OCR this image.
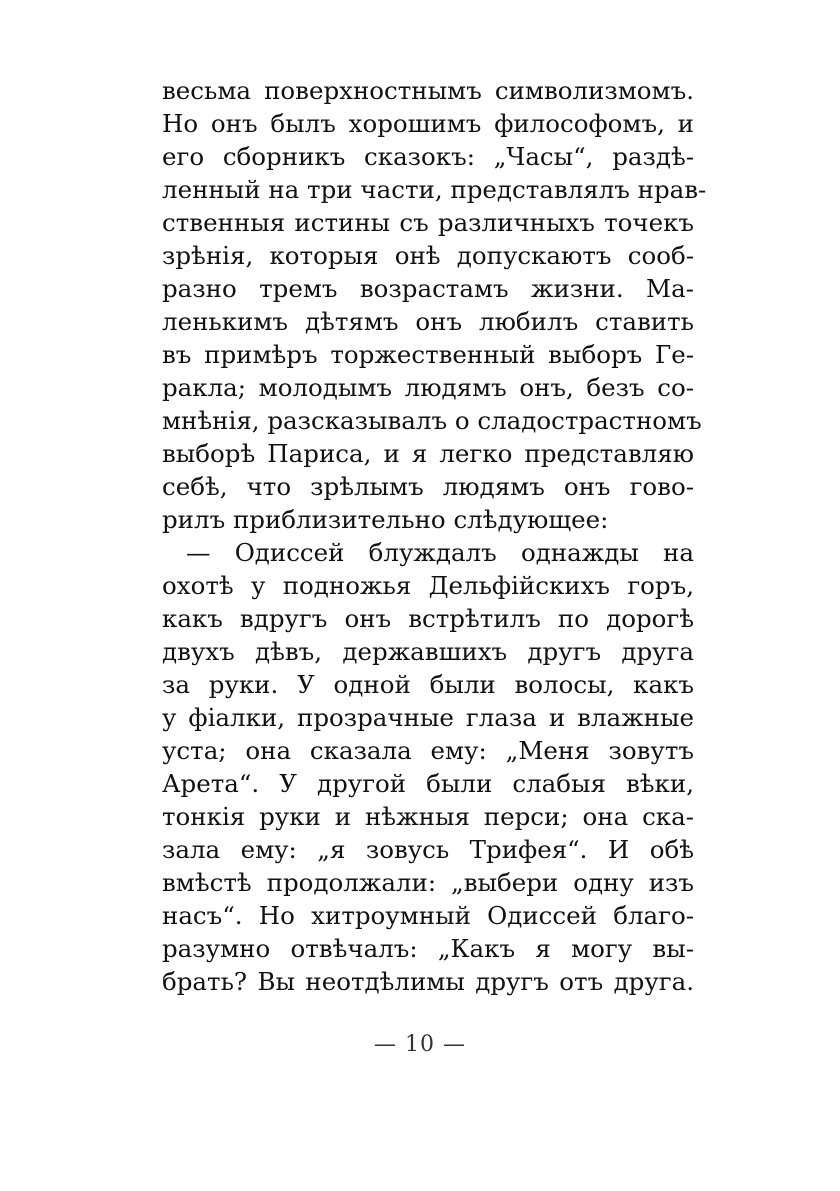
весьма поверхностнымъ символизмомъ.
Но онъ былъ хорошимъ философомъ, и
его сборникъ сказокъ: „Часы“, раздѣ-
ленный на три части, представлялъ нрав-
ственныя истины съ различныхъ точекъ
зрѣнія, которыя онѣ допускаютъ сооб-
разно тремъ возрастамъ жизни. Ма-
ленькимъ дѣтямъ онъ любилъ ставить
въ примѣръ торжественный выборъ Ге-
ракла; молодымъ людямъ онъ, безъ со-
мнѣнія, разсказывалъ о сладострастномъ
выборѣ Париса, и я легко представляю
себѣ, что зрѣлымъ людямъ онъ гово-
рилъ приблизительно слѣдующее:
— Одиссей блуждалъ однажды на
охотѣ у подножья Дельфійскихъ горъ,
какъ вдругъ онъ встрѣтилъ по дорогѣ
двухъ дѣвъ, державшихъ другъ друга
за руки. У одной были волосы, какъ
у фіалки, прозрачные глаза и влажные
уста; она сказала ему: „Меня зовутъ
Арета“. У другой были слабыя вѣки,
тонкія руки и нѣжныя перси; она ска-
зала ему: „я зовусь Трифея“. И обѣ
вмѣстѣ продолжали: „выбери одну изъ
насъ“. Но хитроумный Одиссей благо-
разумно отвѣчалъ: „Какъ я могу вы-
брать? Вы неотдѣлимы другъ отъ друга.
— 10 —
